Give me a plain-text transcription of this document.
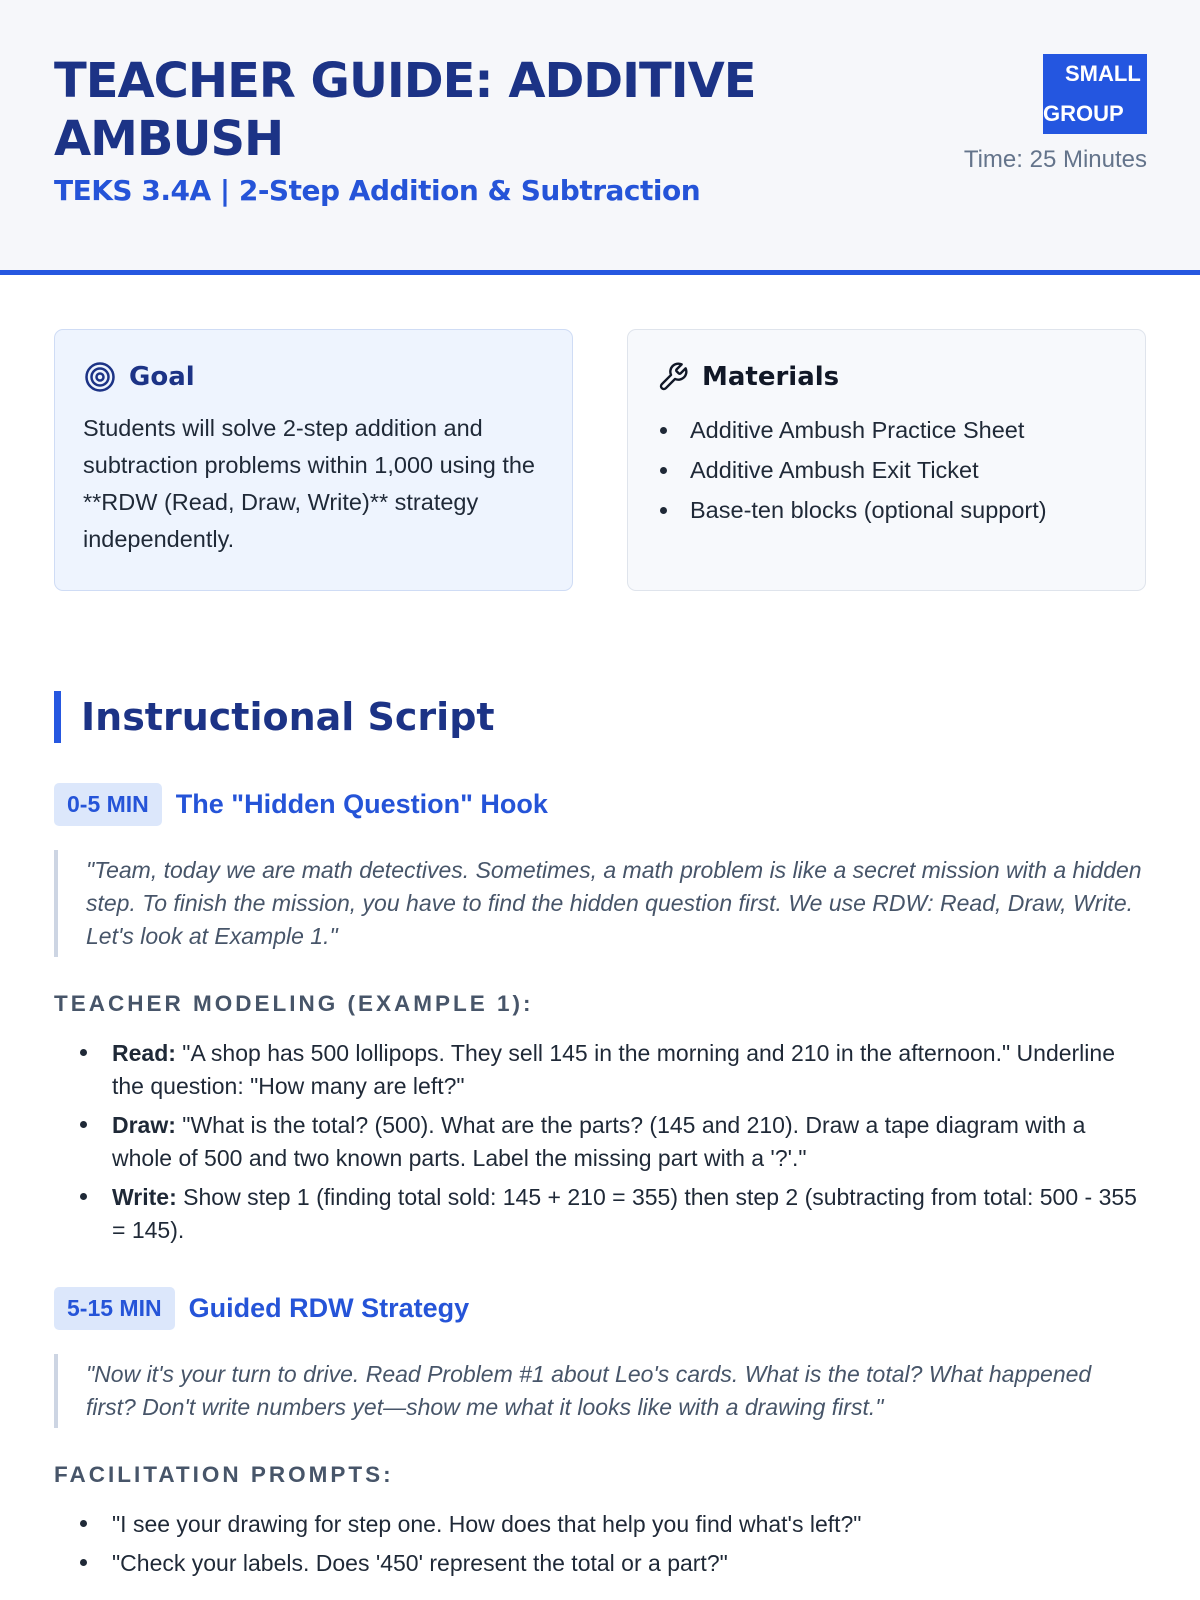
TEACHER GUIDE: ADDITIVE AMBUSH
TEKS 3.4A | 2-Step Addition & Subtraction
SMALL
GROUP
Time: 25 Minutes
Goal

Students will solve 2-step addition and subtraction problems within 1,000 using the **RDW (Read, Draw, Write)** strategy independently.

Materials
Additive Ambush Practice Sheet
Additive Ambush Exit Ticket
Base-ten blocks (optional support)
Instructional Script
0-5 MIN	The "Hidden Question" Hook
"Team, today we are math detectives. Sometimes, a math problem is like a secret mission with a hidden step. To finish the mission, you have to find the hidden question first. We use RDW: Read, Draw, Write. Let's look at Example 1."
TEACHER MODELING (EXAMPLE 1):
Read: "A shop has 500 lollipops. They sell 145 in the morning and 210 in the afternoon." Underline the question: "How many are left?"
Draw: "What is the total? (500). What are the parts? (145 and 210). Draw a tape diagram with a whole of 500 and two known parts. Label the missing part with a '?'."
Write: Show step 1 (finding total sold: 145 + 210 = 355) then step 2 (subtracting from total: 500 - 355 = 145).
5-15 MIN	Guided RDW Strategy
"Now it's your turn to drive. Read Problem #1 about Leo's cards. What is the total? What happened first? Don't write numbers yet—show me what it looks like with a drawing first."
FACILITATION PROMPTS:
"I see your drawing for step one. How does that help you find what's left?"
"Check your labels. Does '450' represent the total or a part?"
